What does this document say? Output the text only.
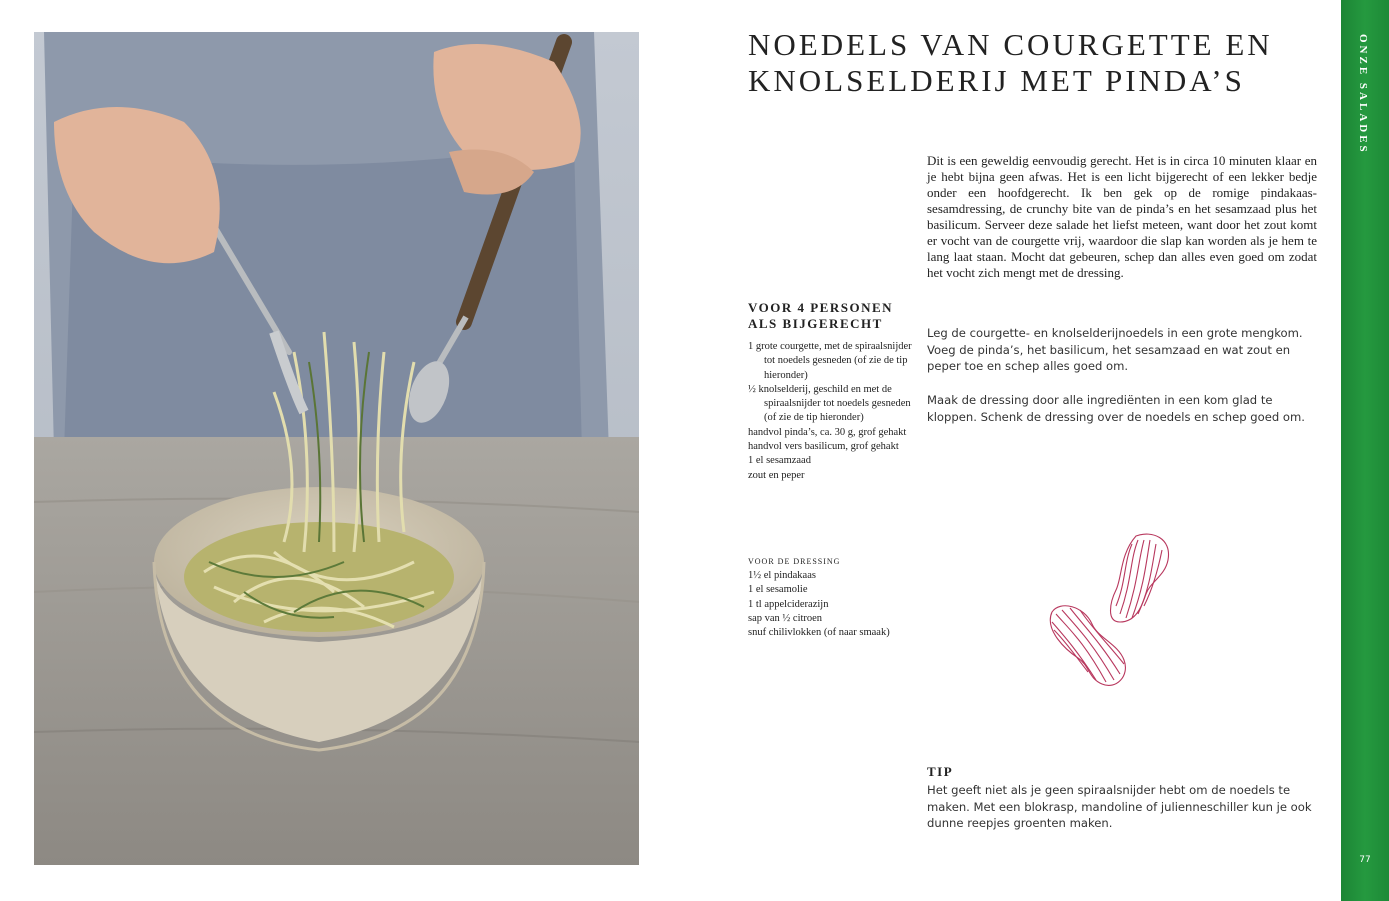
NOEDELS VAN COURGETTE EN
KNOLSELDERIJ MET PINDA’S
Dit is een geweldig eenvoudig gerecht. Het is in circa 10 minuten klaar en je hebt bijna geen afwas. Het is een licht bijgerecht of een lekker bedje onder een hoofdgerecht. Ik ben gek op de romige pindakaas-sesamdressing, de crunchy bite van de pinda’s en het sesamzaad plus het basilicum. Serveer deze salade het liefst meteen, want door het zout komt er vocht van de courgette vrij, waardoor die slap kan worden als je hem te lang laat staan. Mocht dat gebeuren, schep dan alles even goed om zodat het vocht zich mengt met de dressing.
VOOR 4 PERSONEN
ALS BIJGERECHT
1 grote courgette, met de spiraalsnijder tot noedels gesneden (of zie de tip hieronder)
½ knolselderij, geschild en met de spiraalsnijder tot noedels gesneden (of zie de tip hieronder)
handvol pinda’s, ca. 30 g, grof gehakt
handvol vers basilicum, grof gehakt
1 el sesamzaad
zout en peper
VOOR DE DRESSING
1½ el pindakaas
1 el sesamolie
1 tl appelciderazijn
sap van ½ citroen
snuf chilivlokken (of naar smaak)

Leg de courgette- en knolselderijnoedels in een grote mengkom. Voeg de pinda’s, het basilicum, het sesamzaad en wat zout en peper toe en schep alles goed om.

Maak de dressing door alle ingrediënten in een kom glad te kloppen. Schenk de dressing over de noedels en schep goed om.

TIP

Het geeft niet als je geen spiraalsnijder hebt om de noedels te maken. Met een blokrasp, mandoline of julienneschiller kun je ook dunne reepjes groenten maken.

ONZE SALADES
77
